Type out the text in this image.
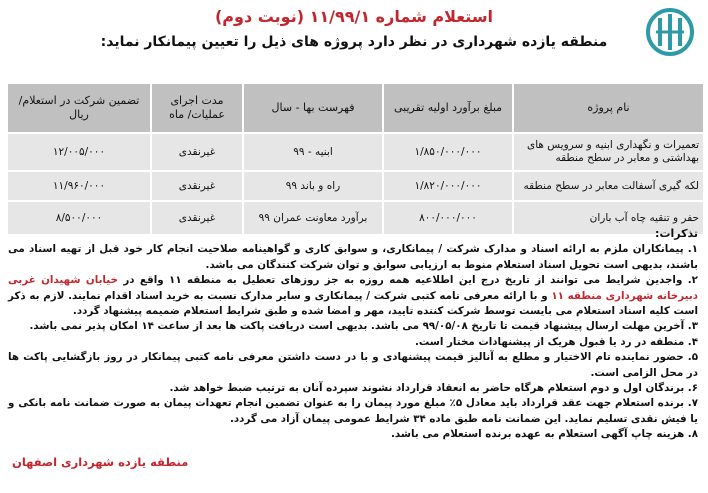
استعلام شماره ۱۱/۹۹/۱ (نوبت دوم)
منطقه یازده شهرداری در نظر دارد پروژه های ذیل را تعیین پیمانکار نماید:
نام پروژه	مبلغ برآورد اولیه تقریبی	فهرست بها - سال	مدت اجرای عملیات/ ماه	تضمین شرکت در استعلام/ ریال
تعمیرات و نگهداری ابنیه و سرویس های بهداشتی و معابر در سطح منطقه	۱/۸۵۰/۰۰۰/۰۰۰	ابنیه - ۹۹	غیرنقدی	۱۲/۰۰۵/۰۰۰
لکه گیری آسفالت معابر در سطح منطقه	۱/۸۲۰/۰۰۰/۰۰۰	راه و باند ۹۹	غیرنقدی	۱۱/۹۶۰/۰۰۰
حفر و تنقیه چاه آب باران	۸۰۰/۰۰۰/۰۰۰	برآورد معاونت عمران ۹۹	غیرنقدی	۸/۵۰۰/۰۰۰
تذکرات:

۱. پیمانکاران ملزم به ارائه اسناد و مدارک شرکت / پیمانکاری، و سوابق کاری و گواهینامه صلاحیت انجام کار خود قبل از تهیه اسناد می باشند، بدیهی است تحویل اسناد استعلام منوط به ارزیابی سوابق و توان شرکت کنندگان می باشد.

۲. واجدین شرایط می توانند از تاریخ درج این اطلاعیه همه روزه به جز روزهای تعطیل به منطقه ۱۱ واقع در خیابان شهیدان غربی دبیرخانه شهرداری منطقه ۱۱ و با ارائه معرفی نامه کتبی شرکت / پیمانکاری و سایر مدارک نسبت به خرید اسناد اقدام نمایند. لازم به ذکر است کلیه اسناد استعلام می بایست توسط شرکت کننده تایید، مهر و امضا شده و طبق شرایط استعلام ضمیمه پیشنهاد گردد.

۳. آخرین مهلت ارسال پیشنهاد قیمت تا تاریخ ۹۹/۰۵/۰۸ می باشد. بدیهی است دریافت پاکت ها بعد از ساعت ۱۴ امکان پذیر نمی باشد.

۴. منطقه در رد یا قبول هریک از پیشنهادات مختار است.

۵. حضور نماینده تام الاختیار و مطلع به آنالیز قیمت پیشنهادی و با در دست داشتن معرفی نامه کتبی پیمانکار در روز بازگشایی پاکت ها در محل الزامی است.

۶. برندگان اول و دوم استعلام هرگاه حاضر به انعقاد قرارداد نشوند سپرده آنان به ترتیب ضبط خواهد شد.

۷. برنده استعلام جهت عقد قرارداد باید معادل ۵٪ مبلغ مورد پیمان را به عنوان تضمین انجام تعهدات پیمان به صورت ضمانت نامه بانکی و یا فیش نقدی تسلیم نماید. این ضمانت نامه طبق ماده ۳۴ شرایط عمومی پیمان آزاد می گردد.

۸. هزینه چاپ آگهی استعلام به عهده برنده استعلام می باشد.

منطقه یازده شهرداری اصفهان
